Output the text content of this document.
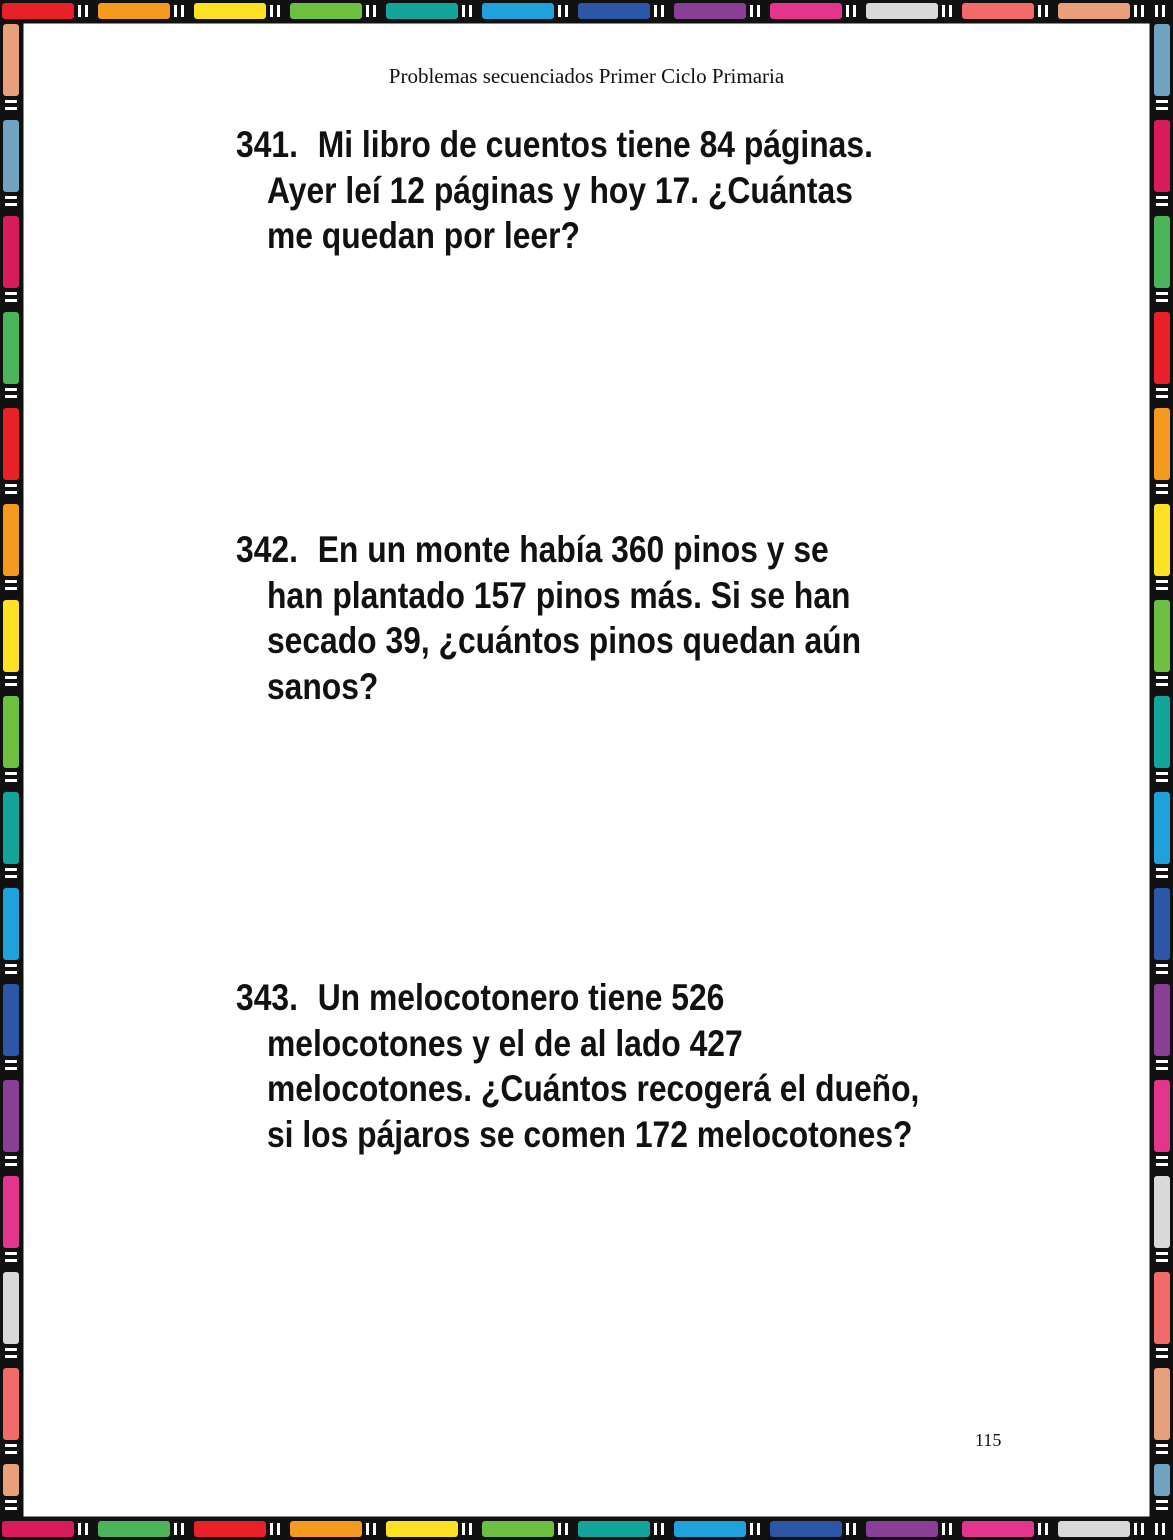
Problemas secuenciados Primer Ciclo Primaria
341. Mi libro de cuentos tiene 84 páginas.
Ayer leí 12 páginas y hoy 17. ¿Cuántas
me quedan por leer?
342. En un monte había 360 pinos y se
han plantado 157 pinos más. Si se han
secado 39, ¿cuántos pinos quedan aún
sanos?
343. Un melocotonero tiene 526
melocotones y el de al lado 427
melocotones. ¿Cuántos recogerá el dueño,
si los pájaros se comen 172 melocotones?
115
